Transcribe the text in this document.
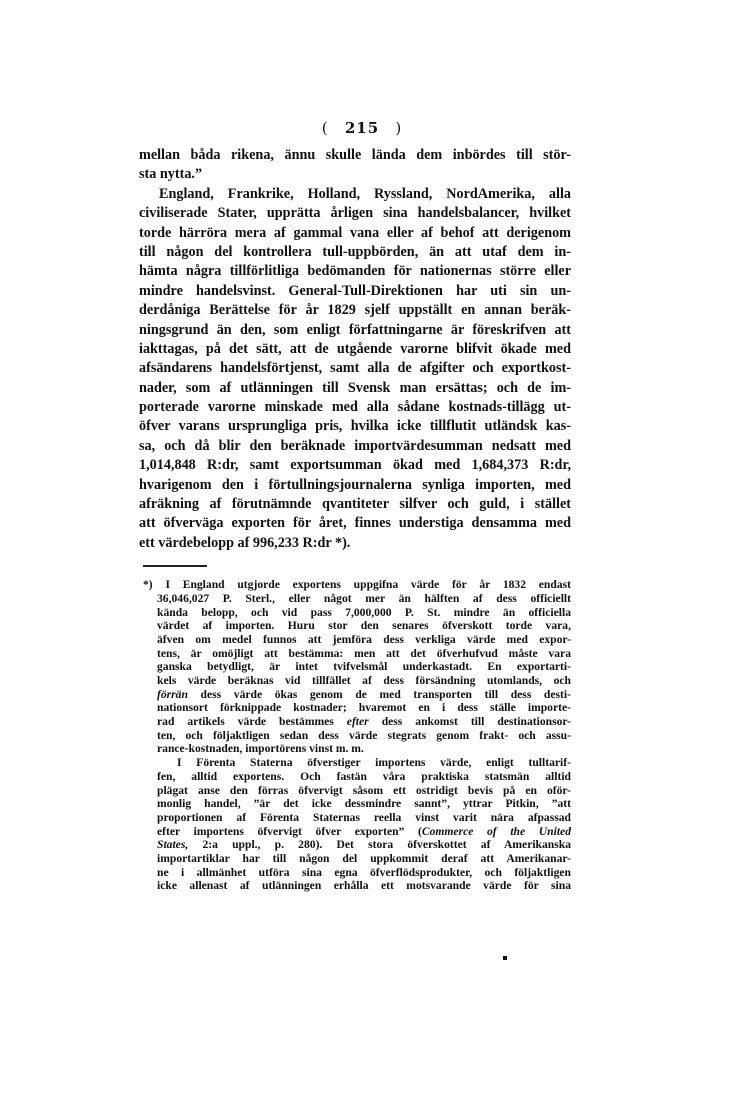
( 215 )
mellan båda rikena, ännu skulle lända dem inbördes till stör-
sta nytta.”
England, Frankrike, Holland, Ryssland, NordAmerika, alla
civiliserade Stater, upprätta årligen sina handelsbalancer, hvilket
torde härröra mera af gammal vana eller af behof att derigenom
till någon del kontrollera tull-uppbörden, än att utaf dem in-
hämta några tillförlitliga bedömanden för nationernas större eller
mindre handelsvinst. General-Tull-Direktionen har uti sin un-
derdåniga Berättelse för år 1829 sjelf uppställt en annan beräk-
ningsgrund än den, som enligt författningarne är föreskrifven att
iakttagas, på det sätt, att de utgående varorne blifvit ökade med
afsändarens handelsförtjenst, samt alla de afgifter och exportkost-
nader, som af utlänningen till Svensk man ersättas; och de im-
porterade varorne minskade med alla sådane kostnads-tillägg ut-
öfver varans ursprungliga pris, hvilka icke tillflutit utländsk kas-
sa, och då blir den beräknade importvärdesumman nedsatt med
1,014,848 R:dr, samt exportsumman ökad med 1,684,373 R:dr,
hvarigenom den i förtullningsjournalerna synliga importen, med
afräkning af förutnämnde qvantiteter silfver och guld, i stället
att öfverväga exporten för året, finnes understiga densamma med
ett värdebelopp af 996,233 R:dr *).
*) I England utgjorde exportens uppgifna värde för år 1832 endast
36,046,027 P. Sterl., eller något mer än hälften af dess officiellt
kända belopp, och vid pass 7,000,000 P. St. mindre än officiella
värdet af importen. Huru stor den senares öfverskott torde vara,
äfven om medel funnos att jemföra dess verkliga värde med expor-
tens, är omöjligt att bestämma: men att det öfverhufvud måste vara
ganska betydligt, är intet tvifvelsmål underkastadt. En exportarti-
kels värde beräknas vid tillfället af dess försändning utomlands, och
förrän dess värde ökas genom de med transporten till dess desti-
nationsort förknippade kostnader; hvaremot en i dess ställe importe-
rad artikels värde bestämmes efter dess ankomst till destinationsor-
ten, och följaktligen sedan dess värde stegrats genom frakt- och assu-
rance-kostnaden, importörens vinst m. m.
I Förenta Staterna öfverstiger importens värde, enligt tulltarif-
fen, alltid exportens. Och fastän våra praktiska statsmän alltid
plägat anse den förras öfvervigt såsom ett ostridigt bevis på en oför-
monlig handel, ”är det icke dessmindre sannt”, yttrar Pitkin, ”att
proportionen af Förenta Staternas reella vinst varit nära afpassad
efter importens öfvervigt öfver exporten” (Commerce of the United
States, 2:a uppl., p. 280). Det stora öfverskottet af Amerikanska
importartiklar har till någon del uppkommit deraf att Amerikanar-
ne i allmänhet utföra sina egna öfverflödsprodukter, och följaktligen
icke allenast af utlänningen erhålla ett motsvarande värde för sina
